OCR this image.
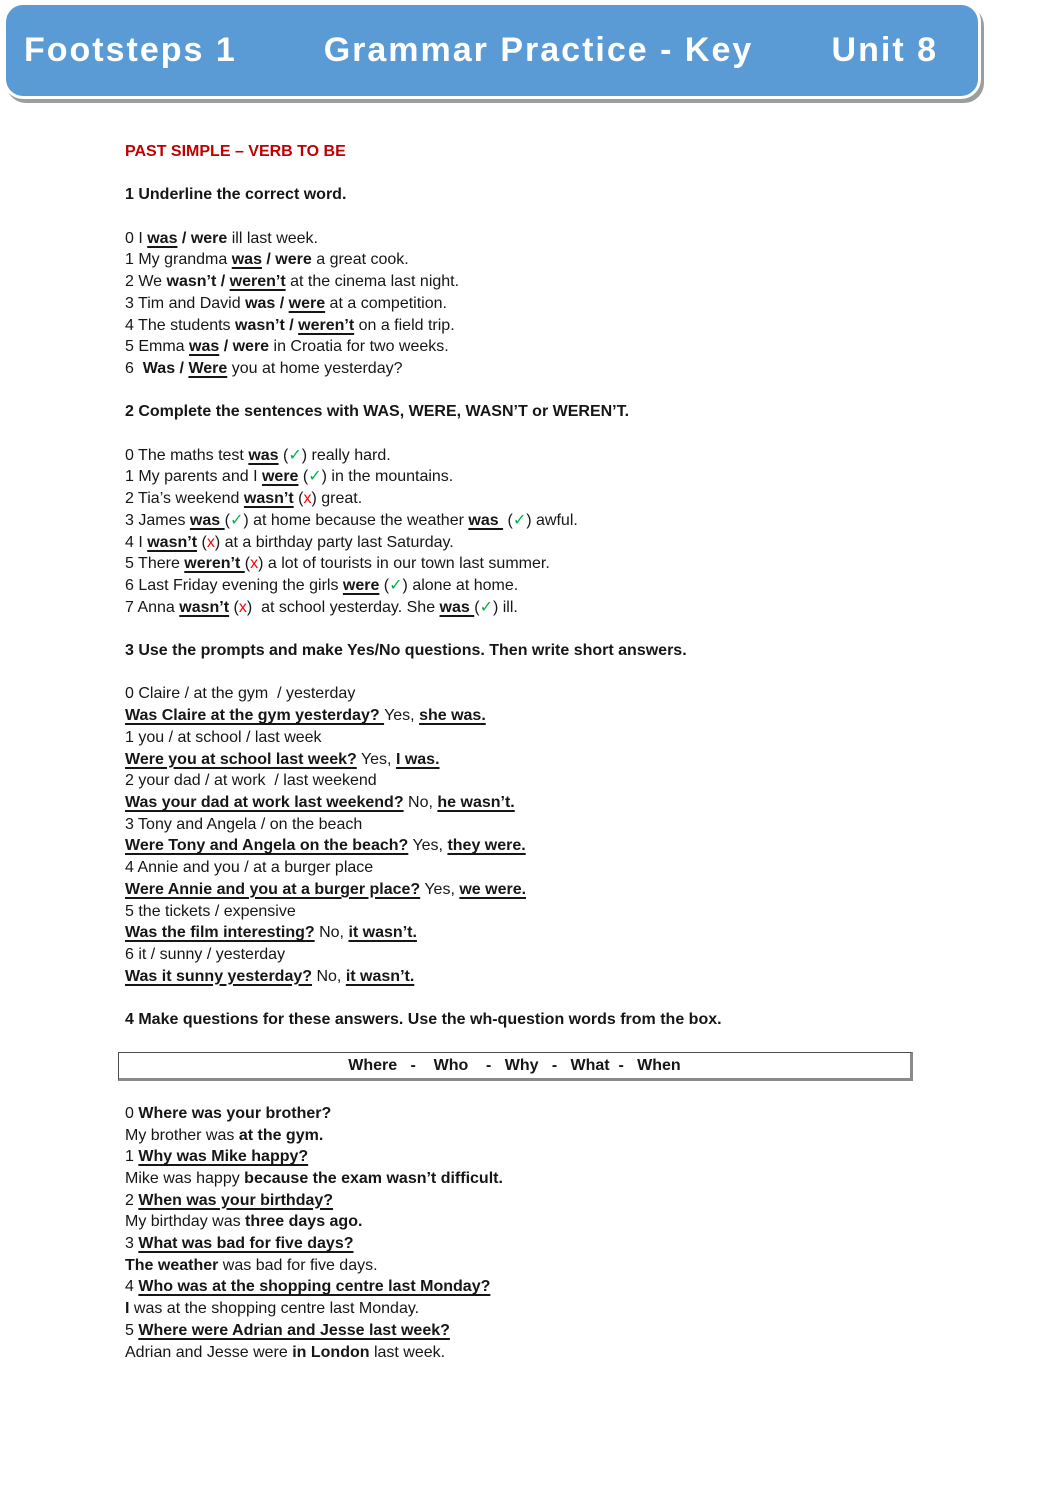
Footsteps 1	Grammar Practice - Key	Unit 8
PAST SIMPLE – VERB TO BE
1 Underline the correct word.
0 I was / were ill last week.
1 My grandma was / were a great cook.
2 We wasn’t / weren’t at the cinema last night.
3 Tim and David was / were at a competition.
4 The students wasn’t / weren’t on a field trip.
5 Emma was / were in Croatia for two weeks.
6  Was / Were you at home yesterday?
2 Complete the sentences with WAS, WERE, WASN’T or WEREN’T.
0 The maths test was (✓) really hard.
1 My parents and I were (✓) in the mountains.
2 Tia’s weekend wasn’t (x) great.
3 James was (✓) at home because the weather was  (✓) awful.
4 I wasn’t (x) at a birthday party last Saturday.
5 There weren’t (x) a lot of tourists in our town last summer.
6 Last Friday evening the girls were (✓) alone at home.
7 Anna wasn’t (x)  at school yesterday. She was (✓) ill.
3 Use the prompts and make Yes/No questions. Then write short answers.
0 Claire / at the gym  / yesterday
Was Claire at the gym yesterday? Yes, she was.
1 you / at school / last week
Were you at school last week? Yes, I was.
2 your dad / at work  / last weekend
Was your dad at work last weekend? No, he wasn’t.
3 Tony and Angela / on the beach
Were Tony and Angela on the beach? Yes, they were.
4 Annie and you / at a burger place
Were Annie and you at a burger place? Yes, we were.
5 the tickets / expensive
Was the film interesting? No, it wasn’t.
6 it / sunny / yesterday
Was it sunny yesterday? No, it wasn’t.
4 Make questions for these answers. Use the wh-question words from the box.
Where   -    Who    -   Why   -   What  -   When
0 Where was your brother?
My brother was at the gym.
1 Why was Mike happy?
Mike was happy because the exam wasn’t difficult.
2 When was your birthday?
My birthday was three days ago.
3 What was bad for five days?
The weather was bad for five days.
4 Who was at the shopping centre last Monday?
I was at the shopping centre last Monday.
5 Where were Adrian and Jesse last week?
Adrian and Jesse were in London last week.
